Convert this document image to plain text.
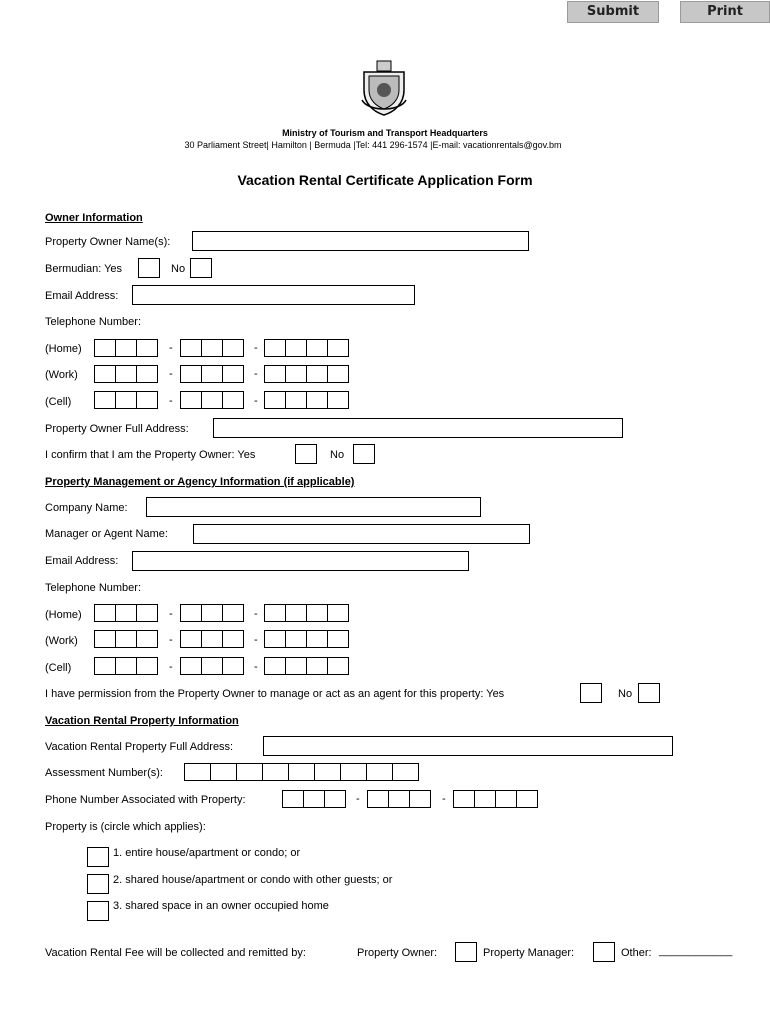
Submit	Print
Ministry of Tourism and Transport Headquarters
30 Parliament Street| Hamilton | Bermuda |Tel: 441 296-1574 |E-mail: vacationrentals@gov.bm
Vacation Rental Certificate Application Form
Owner Information
Property Owner Name(s):
Bermudian: Yes	No
Email Address:
Telephone Number:
(Home)	-	-
(Work)	-	-
(Cell)	-	-
Property Owner Full Address:
I confirm that I am the Property Owner: Yes	No
Property Management or Agency Information (if applicable)
Company Name:
Manager or Agent Name:
Email Address:
Telephone Number:
(Home)	-	-
(Work)	-	-
(Cell)	-	-
I have permission from the Property Owner to manage or act as an agent for this property: Yes	No
Vacation Rental Property Information
Vacation Rental Property Full Address:
Assessment Number(s):
Phone Number Associated with Property:	-	-
Property is (circle which applies):
1. entire house/apartment or condo; or
2. shared house/apartment or condo with other guests; or
3. shared space in an owner occupied home
Vacation Rental Fee will be collected and remitted by:	Property Owner:	Property Manager:	Other: ____________
